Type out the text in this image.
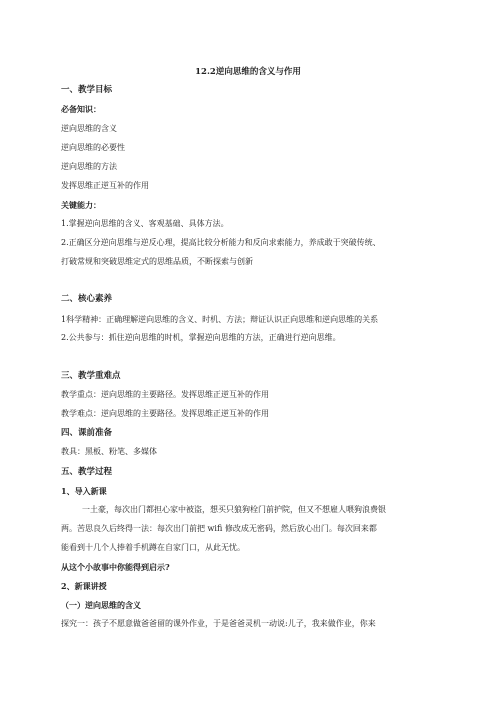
12.2逆向思维的含义与作用
一、教学目标
必备知识：
逆向思维的含义
逆向思维的必要性
逆向思维的方法
发挥思维正逆互补的作用
关键能力：
1.掌握逆向思维的含义、客观基础、具体方法。
2.正确区分逆向思维与逆反心理，提高比较分析能力和反向求索能力，养成敢于突破传统、
打破常规和突破思维定式的思维品质，不断探索与创新
二、核心素养
1科学精神：正确理解逆向思维的含义、时机、方法；辩证认识正向思维和逆向思维的关系
2.公共参与：抓住逆向思维的时机，掌握逆向思维的方法，正确进行逆向思维。
三、教学重难点
教学重点：逆向思维的主要路径。发挥思维正逆互补的作用
教学难点：逆向思维的主要路径。发挥思维正逆互补的作用
四、课前准备
教具：黑板、粉笔、多媒体
五、教学过程
1、导入新课
一土豪，每次出门都担心家中被盗，想买只狼狗栓门前护院，但又不想雇人喂狗浪费银
两。苦思良久后终得一法：每次出门前把 wifi 修改成无密码，然后放心出门。每次回来都
能看到十几个人捧着手机蹲在自家门口，从此无忧。
从这个小故事中你能得到启示?
2、新课讲授
（一）逆向思维的含义
探究一：孩子不愿意做爸爸留的课外作业，于是爸爸灵机一动说:儿子，我来做作业，你来
